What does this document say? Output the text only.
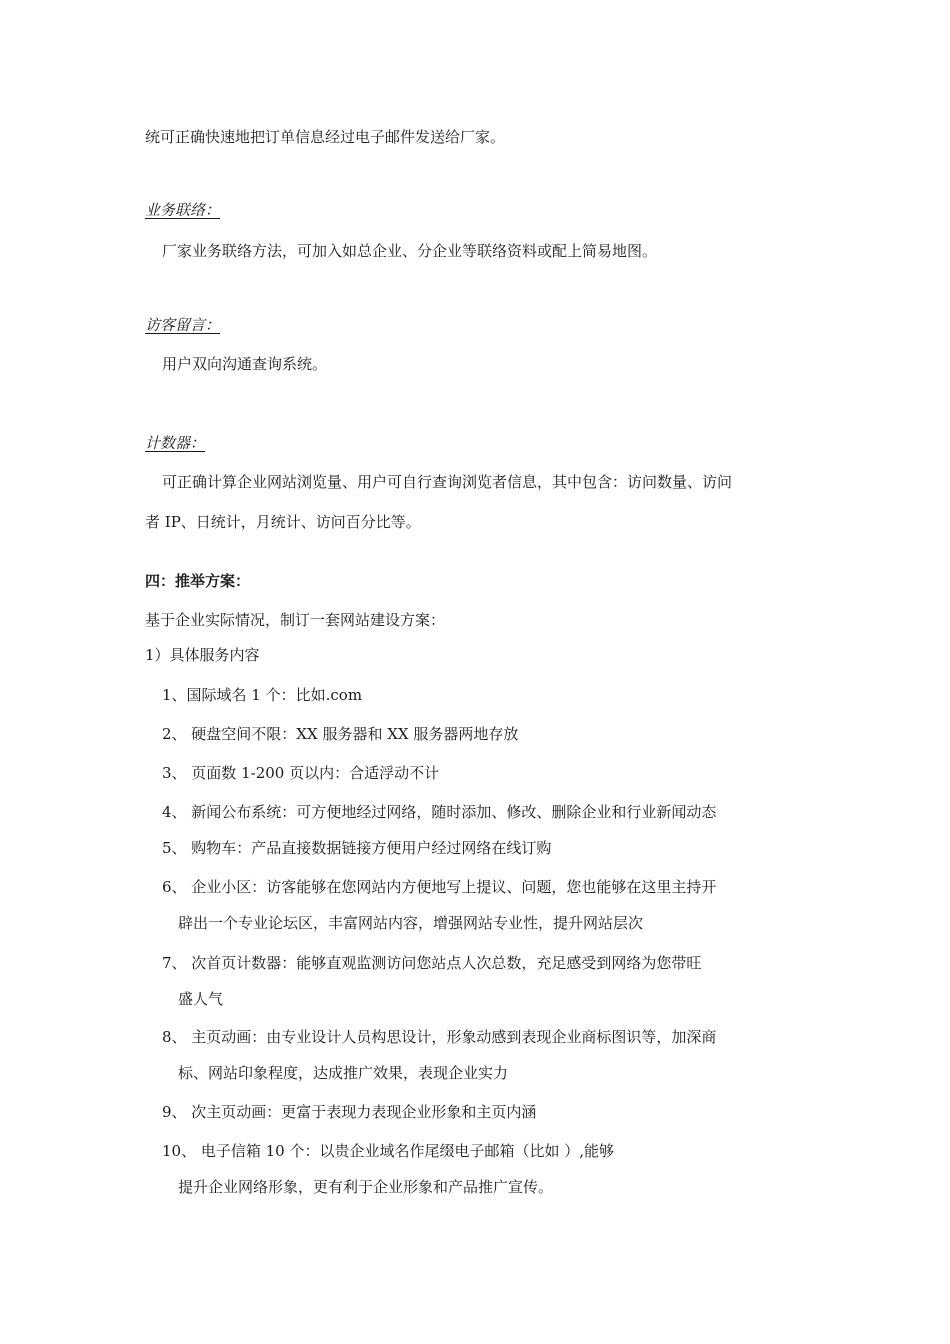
统可正确快速地把订单信息经过电子邮件发送给厂家。
业务联络：
厂家业务联络方法，可加入如总企业、分企业等联络资料或配上简易地图。
访客留言：
用户双向沟通查询系统。
计数器：
可正确计算企业网站浏览量、用户可自行查询浏览者信息，其中包含：访问数量、访问
者 IP、日统计，月统计、访问百分比等。
四：推举方案：
基于企业实际情况，制订一套网站建设方案：
1）具体服务内容
1、国际域名 1 个：比如.com
2、 硬盘空间不限：XX 服务器和 XX 服务器两地存放
3、 页面数 1-200 页以内：合适浮动不计
4、 新闻公布系统：可方便地经过网络，随时添加、修改、删除企业和行业新闻动态
5、 购物车：产品直接数据链接方便用户经过网络在线订购
6、 企业小区：访客能够在您网站内方便地写上提议、问题，您也能够在这里主持开
辟出一个专业论坛区，丰富网站内容，增强网站专业性，提升网站层次
7、 次首页计数器：能够直观监测访问您站点人次总数，充足感受到网络为您带旺
盛人气
8、 主页动画：由专业设计人员构思设计，形象动感到表现企业商标图识等，加深商
标、网站印象程度，达成推广效果，表现企业实力
9、 次主页动画：更富于表现力表现企业形象和主页内涵
10、 电子信箱 10 个：以贵企业域名作尾缀电子邮箱（比如 ）,能够
提升企业网络形象，更有利于企业形象和产品推广宣传。
